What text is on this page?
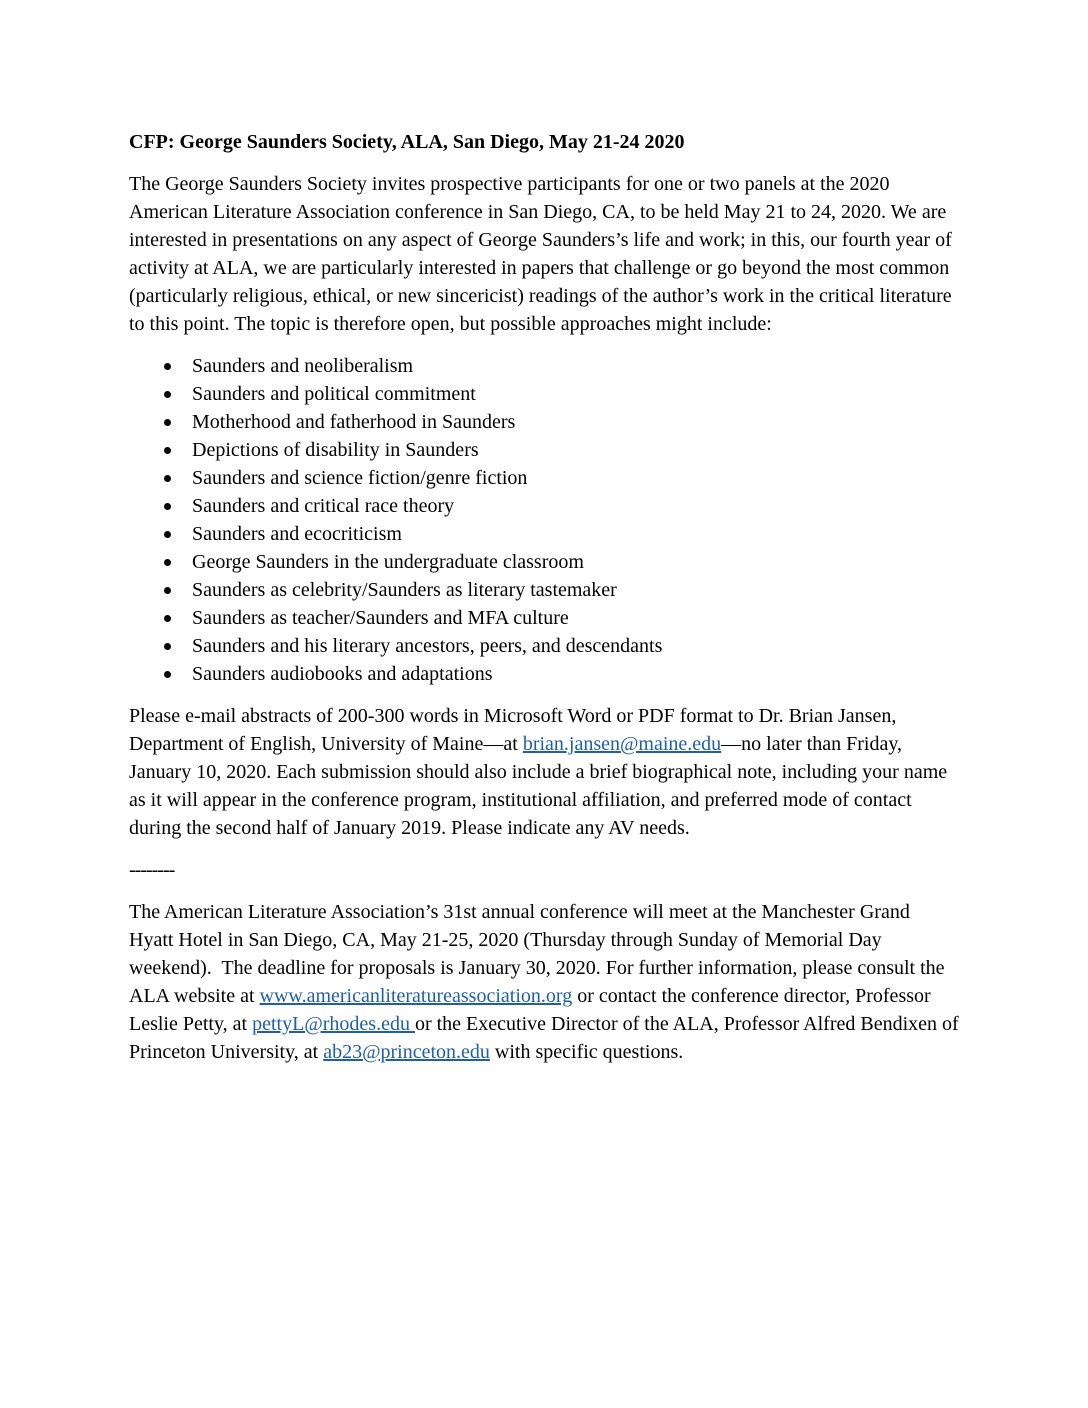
CFP: George Saunders Society, ALA, San Diego, May 21-24 2020

The George Saunders Society invites prospective participants for one or two panels at the 2020 American Literature Association conference in San Diego, CA, to be held May 21 to 24, 2020. We are interested in presentations on any aspect of George Saunders’s life and work; in this, our fourth year of activity at ALA, we are particularly interested in papers that challenge or go beyond the most common (particularly religious, ethical, or new sincericist) readings of the author’s work in the critical literature to this point. The topic is therefore open, but possible approaches might include:

Saunders and neoliberalism
Saunders and political commitment
Motherhood and fatherhood in Saunders
Depictions of disability in Saunders
Saunders and science fiction/genre fiction
Saunders and critical race theory
Saunders and ecocriticism
George Saunders in the undergraduate classroom
Saunders as celebrity/Saunders as literary tastemaker
Saunders as teacher/Saunders and MFA culture
Saunders and his literary ancestors, peers, and descendants
Saunders audiobooks and adaptations

Please e-mail abstracts of 200-300 words in Microsoft Word or PDF format to Dr. Brian Jansen, Department of English, University of Maine—at brian.jansen@maine.edu—no later than Friday, January 10, 2020. Each submission should also include a brief biographical note, including your name as it will appear in the conference program, institutional affiliation, and preferred mode of contact during the second half of January 2019. Please indicate any AV needs.

--------

The American Literature Association’s 31st annual conference will meet at the Manchester Grand Hyatt Hotel in San Diego, CA, May 21-25, 2020 (Thursday through Sunday of Memorial Day weekend).  The deadline for proposals is January 30, 2020. For further information, please consult the ALA website at www.americanliteratureassociation.org or contact the conference director, Professor Leslie Petty, at pettyL@rhodes.edu or the Executive Director of the ALA, Professor Alfred Bendixen of Princeton University, at ab23@princeton.edu with specific questions.
